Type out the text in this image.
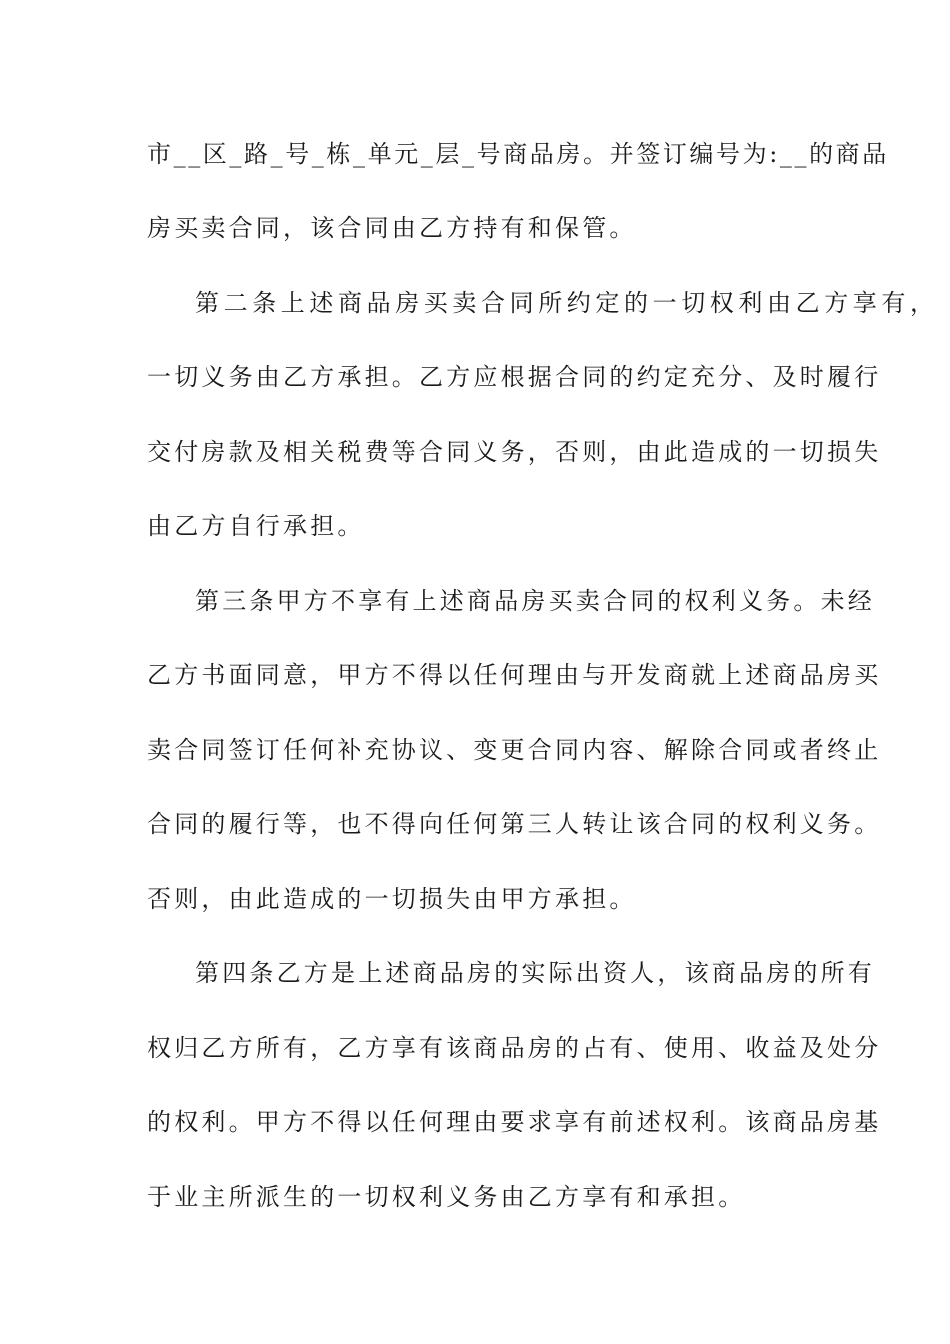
市__区_路_号_栋_单元_层_号商品房。并签订编号为:__的商品
房买卖合同，该合同由乙方持有和保管。
第二条上述商品房买卖合同所约定的一切权利由乙方享有，
一切义务由乙方承担。乙方应根据合同的约定充分、及时履行
交付房款及相关税费等合同义务，否则，由此造成的一切损失
由乙方自行承担。
第三条甲方不享有上述商品房买卖合同的权利义务。未经
乙方书面同意，甲方不得以任何理由与开发商就上述商品房买
卖合同签订任何补充协议、变更合同内容、解除合同或者终止
合同的履行等，也不得向任何第三人转让该合同的权利义务。
否则，由此造成的一切损失由甲方承担。
第四条乙方是上述商品房的实际出资人，该商品房的所有
权归乙方所有，乙方享有该商品房的占有、使用、收益及处分
的权利。甲方不得以任何理由要求享有前述权利。该商品房基
于业主所派生的一切权利义务由乙方享有和承担。
